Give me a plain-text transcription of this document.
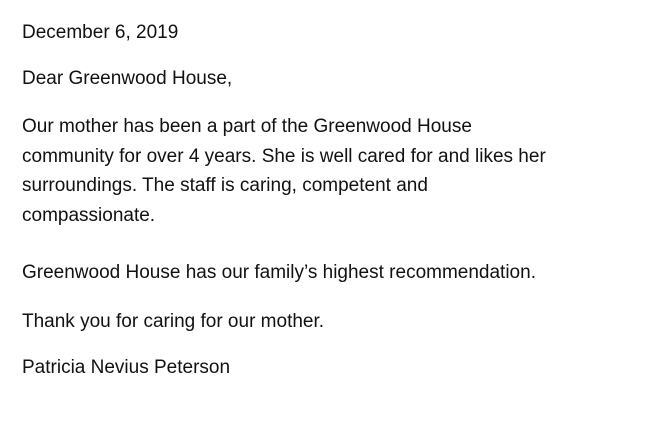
December 6, 2019

Dear Greenwood House,

Our mother has been a part of the Greenwood House

community for over 4 years. She is well cared for and likes her

surroundings. The staff is caring, competent and

compassionate.

Greenwood House has our family’s highest recommendation.

Thank you for caring for our mother.

Patricia Nevius Peterson
